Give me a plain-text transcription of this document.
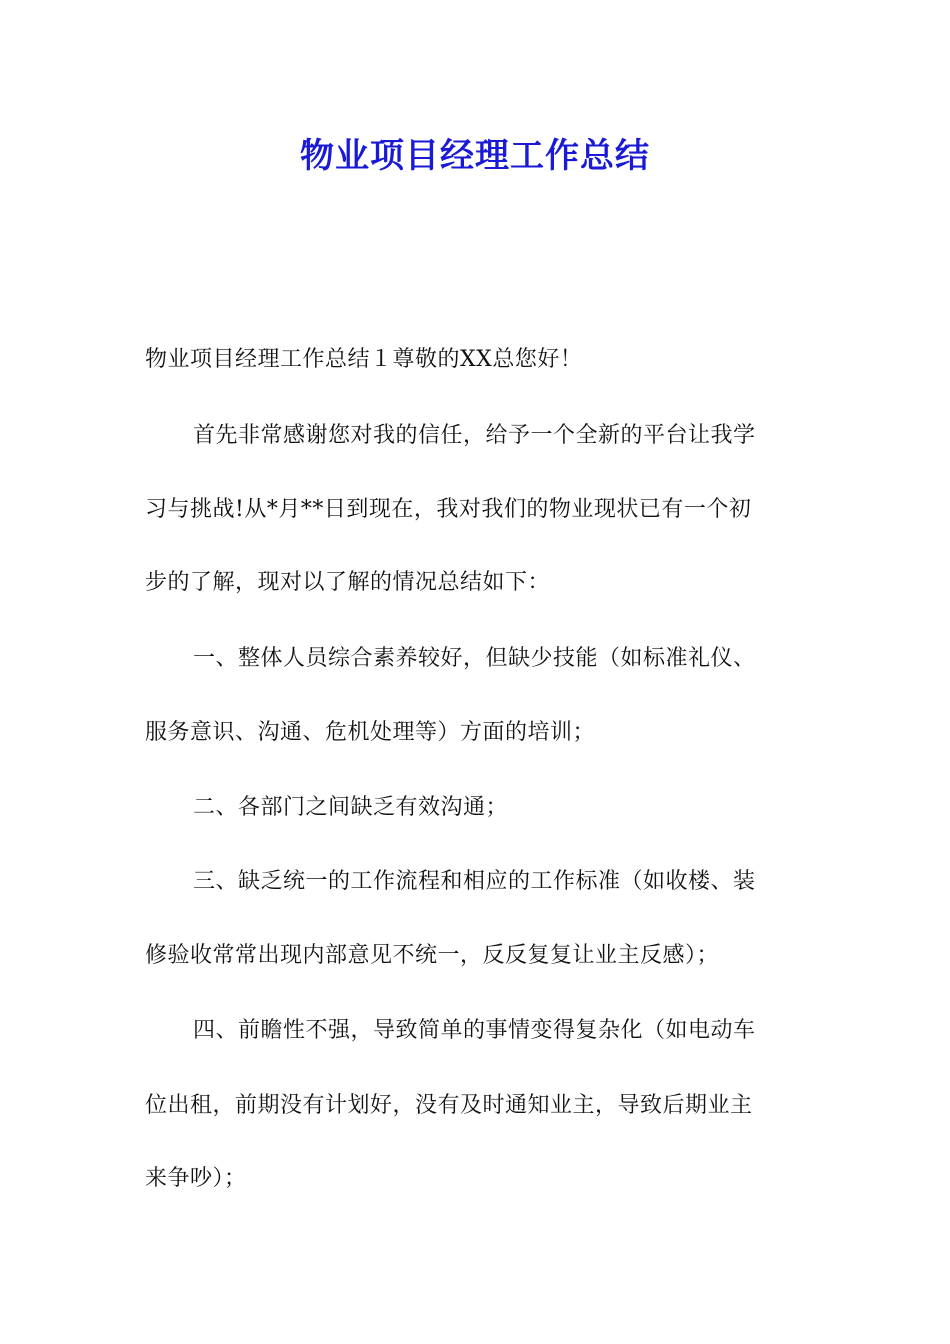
物业项目经理工作总结
物业项目经理工作总结１尊敬的XX总您好！
首先非常感谢您对我的信任，给予一个全新的平台让我学
习与挑战!从*月**日到现在，我对我们的物业现状已有一个初
步的了解，现对以了解的情况总结如下：
一、整体人员综合素养较好，但缺少技能（如标准礼仪、
服务意识、沟通、危机处理等）方面的培训；
二、各部门之间缺乏有效沟通；
三、缺乏统一的工作流程和相应的工作标准（如收楼、装
修验收常常出现内部意见不统一，反反复复让业主反感）；
四、前瞻性不强，导致简单的事情变得复杂化（如电动车
位出租，前期没有计划好，没有及时通知业主，导致后期业主
来争吵）；
